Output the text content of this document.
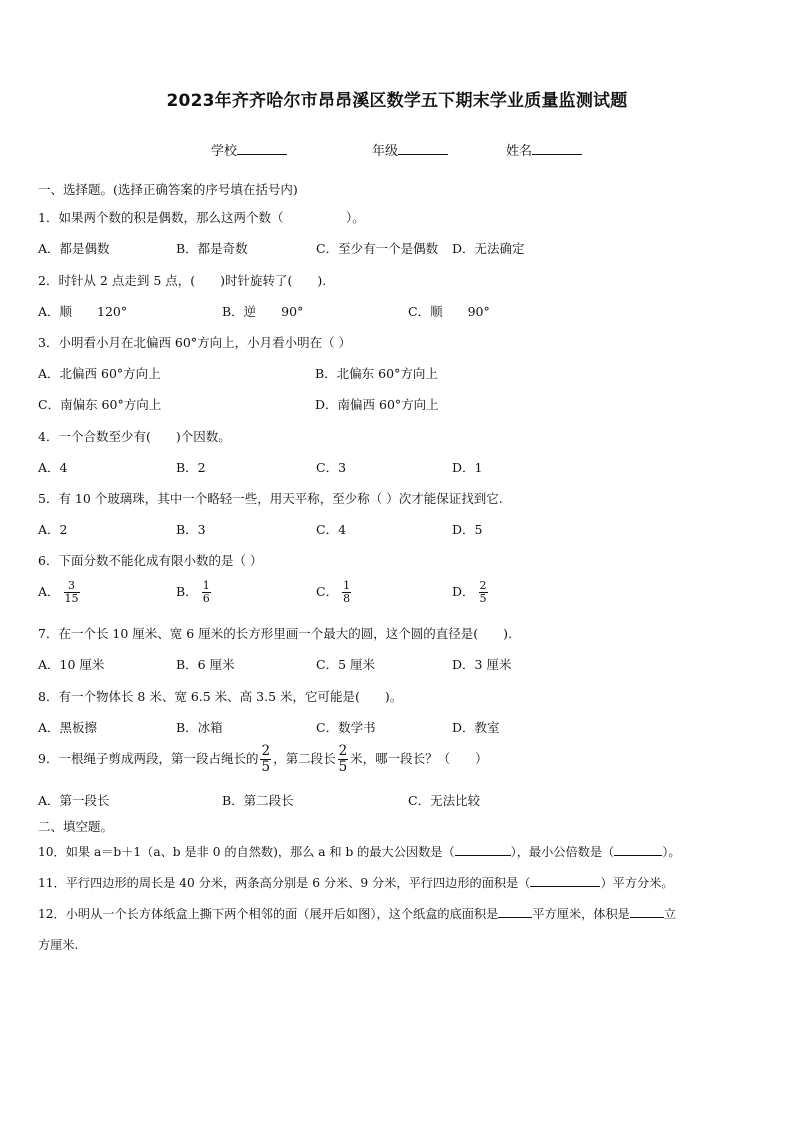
2023年齐齐哈尔市昂昂溪区数学五下期末学业质量监测试题
学校	年级	姓名
一、选择题。(选择正确答案的序号填在括号内)
1．如果两个数的积是偶数，那么这两个数（　　　　　）。
A．都是偶数	B．都是奇数	C．至少有一个是偶数 D．无法确定
2．时针从 2 点走到 5 点，(　　)时针旋转了(　　).
A．顺　　120°	B．逆　　90°	C．顺　　90°
3．小明看小月在北偏西 60°方向上，小月看小明在（ ）
A．北偏西 60°方向上	B．北偏东 60°方向上
C．南偏东 60°方向上	D．南偏西 60°方向上
4．一个合数至少有(　　)个因数。
A．4	B．2	C．3	D．1
5．有 10 个玻璃珠，其中一个略轻一些，用天平称，至少称（ ）次才能保证找到它.
A．2	B．3	C．4	D．5
6．下面分数不能化成有限小数的是（ ）
A． $\frac{3}{15}$	B． $\frac{1}{6}$	C． $\frac{1}{8}$	D． $\frac{2}{5}$
7．在一个长 10 厘米、宽 6 厘米的长方形里画一个最大的圆，这个圆的直径是(　　).
A．10 厘米	B．6 厘米	C．5 厘米	D．3 厘米
8．有一个物体长 8 米、宽 6.5 米、高 3.5 米，它可能是(　　)。
A．黑板擦	B．冰箱	C．数学书	D．教室
9．一根绳子剪成两段，第一段占绳长的 $\frac{2}{5}$ ，第二段长 $\frac{2}{5}$ 米，哪一段长？（　　）
A．第一段长	B．第二段长	C．无法比较
二、填空题。
10．如果 a＝b＋1（a、b 是非 0 的自然数)，那么 a 和 b 的最大公因数是（	），最小公倍数是（	）。
11．平行四边形的周长是 40 分米，两条高分别是 6 分米、9 分米，平行四边形的面积是（	）平方分米。
12．小明从一个长方体纸盒上撕下两个相邻的面（展开后如图），这个纸盒的底面积是	平方厘米，体积是	立
方厘米.
